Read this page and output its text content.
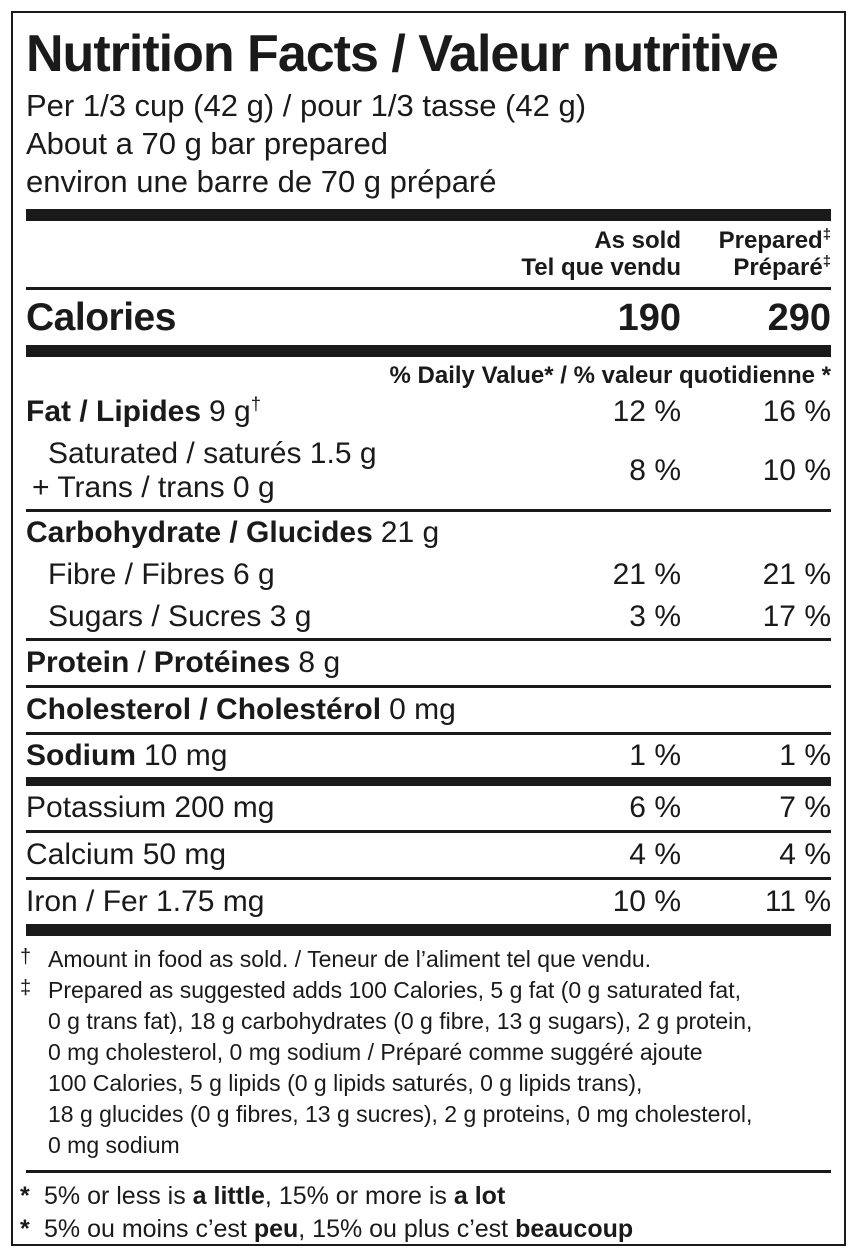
Nutrition Facts / Valeur nutritive
Per 1/3 cup (42 g) / pour 1/3 tasse (42 g)
About a 70 g bar prepared
environ une barre de 70 g préparé
As sold
Tel que vendu
Prepared‡
Préparé‡
Calories	190	290
% Daily Value* / % valeur quotidienne *
Fat / Lipides 9 g†	12 %	16 %
Saturated / saturés 1.5 g
+ Trans / trans 0 g
8 %	10 %
Carbohydrate / Glucides 21 g
Fibre / Fibres 6 g	21 %	21 %
Sugars / Sucres 3 g	3 %	17 %
Protein / Protéines 8 g
Cholesterol / Cholestérol 0 mg
Sodium 10 mg	1 %	1 %
Potassium 200 mg	6 %	7 %
Calcium 50 mg	4 %	4 %
Iron / Fer 1.75 mg	10 %	11 %
† Amount in food as sold. / Teneur de l’aliment tel que vendu.
‡ Prepared as suggested adds 100 Calories, 5 g fat (0 g saturated fat,
0 g trans fat), 18 g carbohydrates (0 g fibre, 13 g sugars), 2 g protein,
0 mg cholesterol, 0 mg sodium / Préparé comme suggéré ajoute
100 Calories, 5 g lipids (0 g lipids saturés, 0 g lipids trans),
18 g glucides (0 g fibres, 13 g sucres), 2 g proteins, 0 mg cholesterol,
0 mg sodium
* 5% or less is a little, 15% or more is a lot
* 5% ou moins c’est peu, 15% ou plus c’est beaucoup
